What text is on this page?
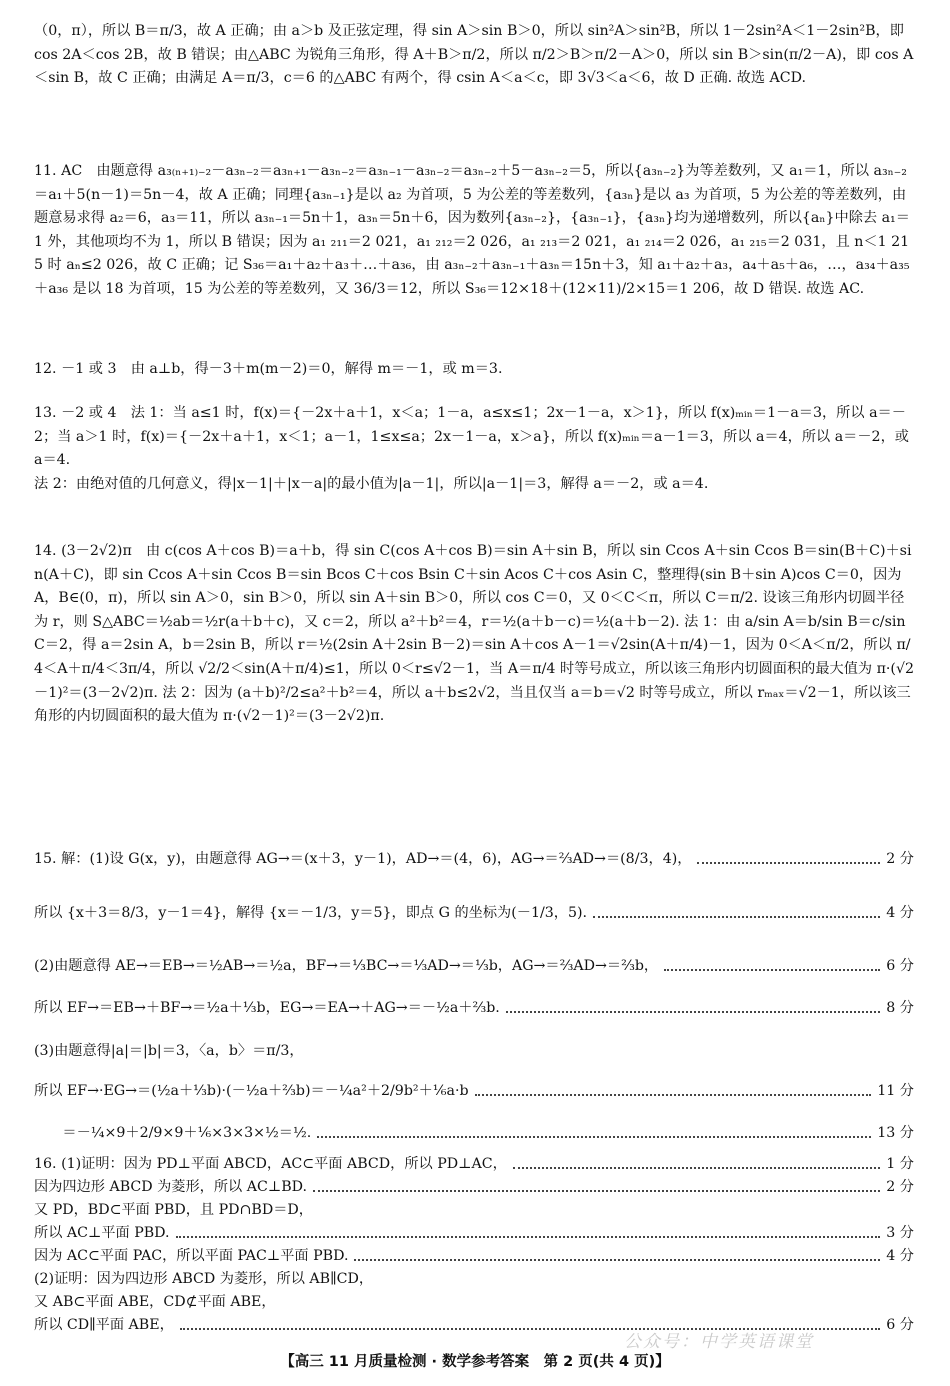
（0，π），所以 B＝π/3，故 A 正确；由 a＞b 及正弦定理，得 sin A＞sin B＞0，所以 sin²A＞sin²B，所以 1－2sin²A＜1－2sin²B，即 cos 2A＜cos 2B，故 B 错误；由△ABC 为锐角三角形，得 A＋B＞π/2，所以 π/2＞B＞π/2－A＞0，所以 sin B＞sin(π/2－A)，即 cos A＜sin B，故 C 正确；由满足 A＝π/3，c＝6 的△ABC 有两个，得 csin A＜a＜c，即 3√3＜a＜6，故 D 正确. 故选 ACD.

11. AC　由题意得 a₃₍ₙ₊₁₎₋₂－a₃ₙ₋₂＝a₃ₙ₊₁－a₃ₙ₋₂＝a₃ₙ₋₁－a₃ₙ₋₂＝a₃ₙ₋₂＋5－a₃ₙ₋₂＝5，所以{a₃ₙ₋₂}为等差数列，又 a₁＝1，所以 a₃ₙ₋₂＝a₁＋5(n－1)＝5n－4，故 A 正确；同理{a₃ₙ₋₁}是以 a₂ 为首项，5 为公差的等差数列，{a₃ₙ}是以 a₃ 为首项，5 为公差的等差数列，由题意易求得 a₂＝6，a₃＝11，所以 a₃ₙ₋₁＝5n＋1，a₃ₙ＝5n＋6，因为数列{a₃ₙ₋₂}，{a₃ₙ₋₁}，{a₃ₙ}均为递增数列，所以{aₙ}中除去 a₁＝1 外，其他项均不为 1，所以 B 错误；因为 a₁ ₂₁₁＝2 021，a₁ ₂₁₂＝2 026，a₁ ₂₁₃＝2 021，a₁ ₂₁₄＝2 026，a₁ ₂₁₅＝2 031，且 n＜1 215 时 aₙ≤2 026，故 C 正确；记 S₃₆＝a₁＋a₂＋a₃＋…＋a₃₆，由 a₃ₙ₋₂＋a₃ₙ₋₁＋a₃ₙ＝15n＋3，知 a₁＋a₂＋a₃，a₄＋a₅＋a₆，…，a₃₄＋a₃₅＋a₃₆ 是以 18 为首项，15 为公差的等差数列，又 36/3＝12，所以 S₃₆＝12×18＋(12×11)/2×15＝1 206，故 D 错误. 故选 AC.

12. －1 或 3　由 a⊥b，得－3＋m(m－2)＝0，解得 m＝－1，或 m＝3.

13. －2 或 4　法 1：当 a≤1 时，f(x)＝{－2x＋a＋1，x＜a；1－a，a≤x≤1；2x－1－a，x＞1}，所以 f(x)ₘᵢₙ＝1－a＝3，所以 a＝－2；当 a＞1 时，f(x)＝{－2x＋a＋1，x＜1；a－1，1≤x≤a；2x－1－a，x＞a}，所以 f(x)ₘᵢₙ＝a－1＝3，所以 a＝4，所以 a＝－2，或 a＝4.
法 2：由绝对值的几何意义，得|x－1|＋|x－a|的最小值为|a－1|，所以|a－1|＝3，解得 a＝－2，或 a＝4.

14. (3－2√2)π　由 c(cos A＋cos B)＝a＋b，得 sin C(cos A＋cos B)＝sin A＋sin B，所以 sin Ccos A＋sin Ccos B＝sin(B＋C)＋sin(A＋C)，即 sin Ccos A＋sin Ccos B＝sin Bcos C＋cos Bsin C＋sin Acos C＋cos Asin C，整理得(sin B＋sin A)cos C＝0，因为 A，B∈(0，π)，所以 sin A＞0，sin B＞0，所以 sin A＋sin B＞0，所以 cos C＝0，又 0＜C＜π，所以 C＝π/2. 设该三角形内切圆半径为 r，则 S△ABC＝½ab＝½r(a＋b＋c)，又 c＝2，所以 a²＋b²＝4，r＝½(a＋b－c)＝½(a＋b－2). 法 1：由 a/sin A＝b/sin B＝c/sin C＝2，得 a＝2sin A，b＝2sin B，所以 r＝½(2sin A＋2sin B－2)＝sin A＋cos A－1＝√2sin(A＋π/4)－1，因为 0＜A＜π/2，所以 π/4＜A＋π/4＜3π/4，所以 √2/2＜sin(A＋π/4)≤1，所以 0＜r≤√2－1，当 A＝π/4 时等号成立，所以该三角形内切圆面积的最大值为 π·(√2－1)²＝(3－2√2)π. 法 2：因为 (a＋b)²/2≤a²＋b²＝4，所以 a＋b≤2√2，当且仅当 a＝b＝√2 时等号成立，所以 rₘₐₓ＝√2－1，所以该三角形的内切圆面积的最大值为 π·(√2－1)²＝(3－2√2)π.

15. 解：(1)设 G(x，y)，由题意得 AG→＝(x＋3，y－1)，AD→＝(4，6)，AG→＝⅔AD→＝(8/3，4)，	2 分
所以 {x＋3＝8/3，y－1＝4}，解得 {x＝－1/3，y＝5}，即点 G 的坐标为(－1/3，5).	4 分
(2)由题意得 AE→＝EB→＝½AB→＝½a，BF→＝⅓BC→＝⅓AD→＝⅓b，AG→＝⅔AD→＝⅔b，	6 分
所以 EF→＝EB→＋BF→＝½a＋⅓b，EG→＝EA→＋AG→＝－½a＋⅔b.	8 分
(3)由题意得|a|＝|b|＝3，〈a，b〉＝π/3，
所以 EF→·EG→＝(½a＋⅓b)·(－½a＋⅔b)＝－¼a²＋2/9b²＋⅙a·b	11 分
　　＝－¼×9＋2/9×9＋⅙×3×3×½＝½.	13 分
16. (1)证明：因为 PD⊥平面 ABCD，AC⊂平面 ABCD，所以 PD⊥AC，	1 分
因为四边形 ABCD 为菱形，所以 AC⊥BD.	2 分
又 PD，BD⊂平面 PBD，且 PD∩BD＝D，
所以 AC⊥平面 PBD.	3 分
因为 AC⊂平面 PAC，所以平面 PAC⊥平面 PBD.	4 分
(2)证明：因为四边形 ABCD 为菱形，所以 AB∥CD，
又 AB⊂平面 ABE，CD⊄平面 ABE，
所以 CD∥平面 ABE，	6 分
公众号：中学英语课堂
【高三 11 月质量检测 · 数学参考答案　第 2 页(共 4 页)】
